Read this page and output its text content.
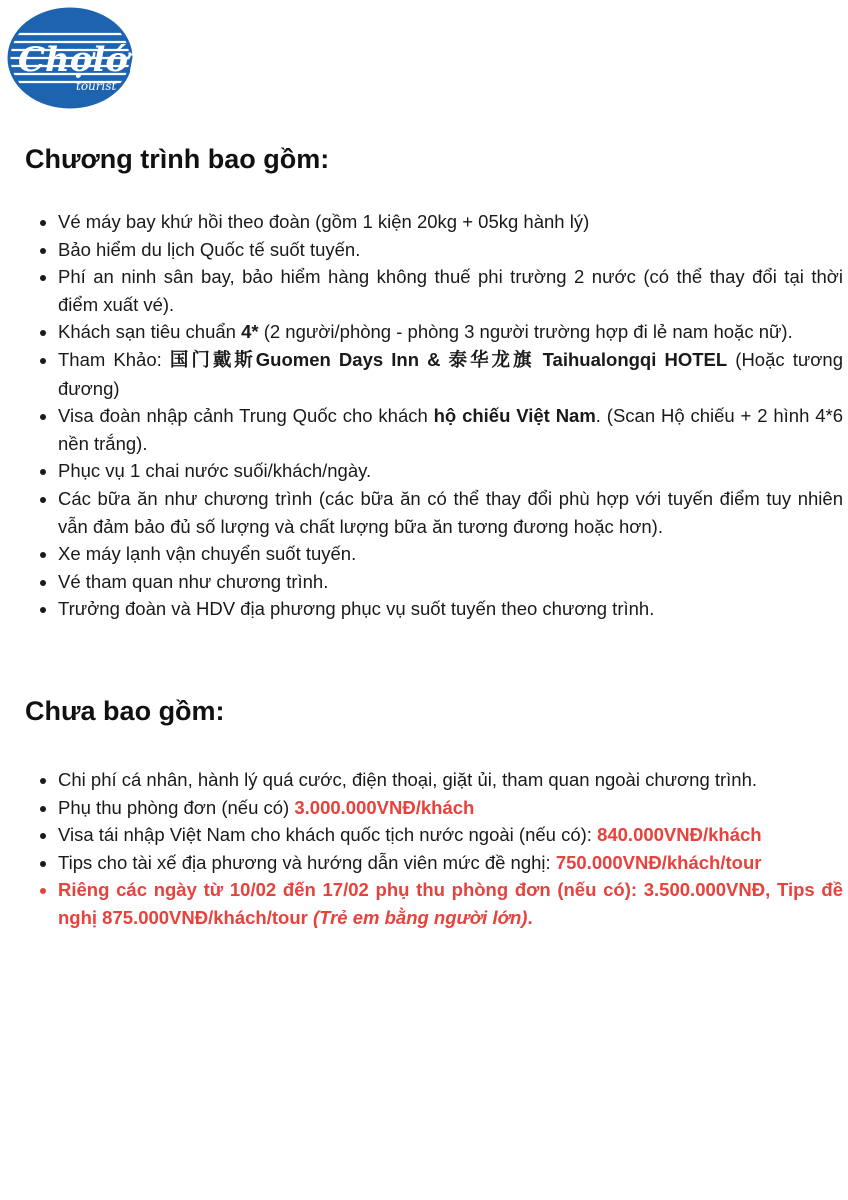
Chợlớn
tourist
Chương trình bao gồm:
• Vé máy bay khứ hồi theo đoàn (gồm 1 kiện 20kg + 05kg hành lý)
• Bảo hiểm du lịch Quốc tế suốt tuyến.
• Phí an ninh sân bay, bảo hiểm hàng không thuế phi trường 2 nước (có thể thay đổi tại thời điểm xuất vé).
• Khách sạn tiêu chuẩn 4* (2 người/phòng - phòng 3 người trường hợp đi lẻ nam hoặc nữ).
• Tham Khảo: 国门戴斯Guomen Days Inn & 泰华龙旗 Taihualongqi HOTEL (Hoặc tương đương)
• Visa đoàn nhập cảnh Trung Quốc cho khách hộ chiếu Việt Nam. (Scan Hộ chiếu + 2 hình 4*6 nền trắng).
• Phục vụ 1 chai nước suối/khách/ngày.
• Các bữa ăn như chương trình (các bữa ăn có thể thay đổi phù hợp với tuyến điểm tuy nhiên vẫn đảm bảo đủ số lượng và chất lượng bữa ăn tương đương hoặc hơn).
• Xe máy lạnh vận chuyển suốt tuyến.
• Vé tham quan như chương trình.
• Trưởng đoàn và HDV địa phương phục vụ suốt tuyến theo chương trình.
Chưa bao gồm:
• Chi phí cá nhân, hành lý quá cước, điện thoại, giặt ủi, tham quan ngoài chương trình.
• Phụ thu phòng đơn (nếu có) 3.000.000VNĐ/khách
• Visa tái nhập Việt Nam cho khách quốc tịch nước ngoài (nếu có): 840.000VNĐ/khách
• Tips cho tài xế địa phương và hướng dẫn viên mức đề nghị: 750.000VNĐ/khách/tour
• Riêng các ngày từ 10/02 đến 17/02 phụ thu phòng đơn (nếu có): 3.500.000VNĐ, Tips đề nghị 875.000VNĐ/khách/tour (Trẻ em bằng người lớn).
